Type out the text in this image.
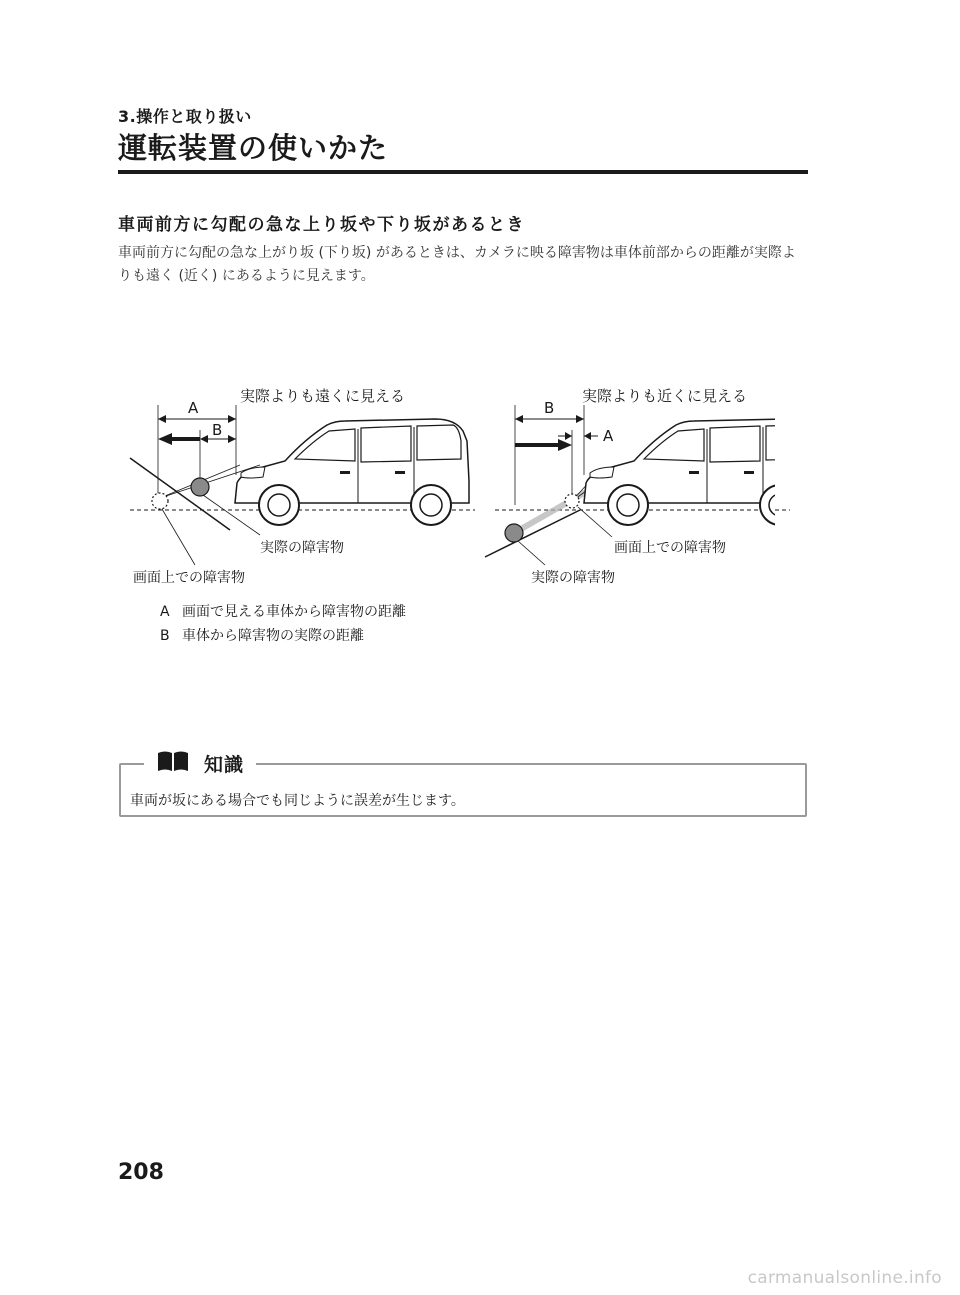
3.操作と取り扱い
運転装置の使いかた
車両前方に勾配の急な上り坂や下り坂があるとき
車両前方に勾配の急な上がり坂 (下り坂) があるときは、カメラに映る障害物は車体前部からの距離が実際よりも遠く (近く) にあるように見えます。
A
B
実際よりも遠くに見える
実際の障害物
画面上での障害物
B
A
実際よりも近くに見える
画面上での障害物
実際の障害物
A 画面で見える車体から障害物の距離
B 車体から障害物の実際の距離
知識
車両が坂にある場合でも同じように誤差が生じます。
208
carmanualsonline.info
